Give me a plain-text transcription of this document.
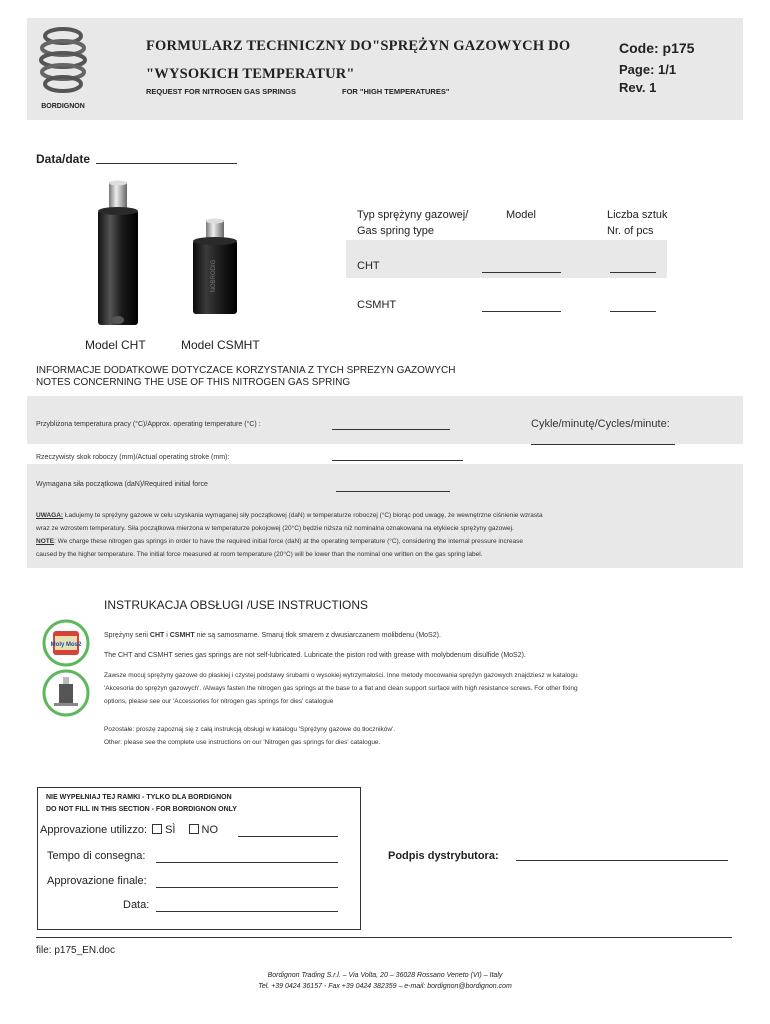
BORDIGNON
FORMULARZ TECHNICZNY DO"SPRĘŻYN GAZOWYCH DO
"WYSOKICH TEMPERATUR"
REQUEST FOR NITROGEN GAS SPRINGS	FOR "HIGH TEMPERATURES"
Code: p175
Page: 1/1
Rev. 1
Data/date
Model CHT
NOBRODIG
Model CSMHT
Typ sprężyny gazowej/
Gas spring type
Model	Liczba sztuk
Nr. of pcs
CHT
CSMHT
INFORMACJE DODATKOWE DOTYCZACE KORZYSTANIA Z TYCH SPREZYN GAZOWYCH
NOTES CONCERNING THE USE OF THIS NITROGEN GAS SPRING
Przybliżona temperatura pracy (°C)/Approx. operating temperature (°C) :	Cykle/minutę/Cycles/minute:
Rzeczywisty skok roboczy (mm)/Actual operating stroke (mm):
Wymagana siła początkowa (daN)/Required initial force
UWAGA: Ładujemy te sprężyny gazowe w celu uzyskania wymaganej siły początkowej (daN) w temperaturze roboczej (°C) biorąc pod uwagę, że wewnętrzne ciśnienie wzrasta
wraz ze wzrostem temperatury. Siła początkowa mierzona w temperaturze pokojowej (20°C) będzie niższa niż nominalna oznakowana na etykiecie sprężyny gazowej.
NOTE: We charge these nitrogen gas springs in order to have the required initial force (daN) at the operating temperature (°C), considering the internal pressure increase
caused by the higher temperature. The initial force measured at room temperature (20°C) will be lower than the nominal one written on the gas spring label.
INSTRUKACJA OBSŁUGI /USE INSTRUCTIONS
Moly Mos2
Sprężyny serii CHT i CSMHT nie są samosmarne. Smaruj tłok smarem z dwusiarczanem molibdenu (MoS2).
The CHT and CSMHT series gas springs are not self-lubricated. Lubricate the piston rod with grease with molybdenum disulfide (MoS2).
Zawsze mocuj sprężyny gazowe do płaskiej i czystej podstawy śrubami o wysokiej wytrzymałości. Inne metody mocowania sprężyn gazowych znajdziesz w katalogu
'Akcesoria do sprężyn gazowych'. /Always fasten the nitrogen gas springs at the base to a flat and clean support surface with high resistance screws. For other fixing
options, please see our 'Accessories for nitrogen gas springs for dies' catalogue
Pozostałe: proszę zapoznaj się z całą instrukcją obsługi w katalogu 'Sprężyny gazowe do tłoczników'.
Other: please see the complete use instructions on our 'Nitrogen gas springs for dies' catalogue.
NIE WYPEŁNIAJ TEJ RAMKI - TYLKO DLA BORDIGNON
DO NOT FILL IN THIS SECTION - FOR BORDIGNON ONLY
Approvazione utilizzo: SÌ NO
Tempo di consegna:
Approvazione finale:
Data:
Podpis dystrybutora:
file: p175_EN.doc
Bordignon Trading S.r.l. – Via Volta, 20 – 36028 Rossano Veneto (VI) – Italy
Tel. +39 0424 36157 - Fax +39 0424 382359 – e-mail: bordignon@bordignon.com
